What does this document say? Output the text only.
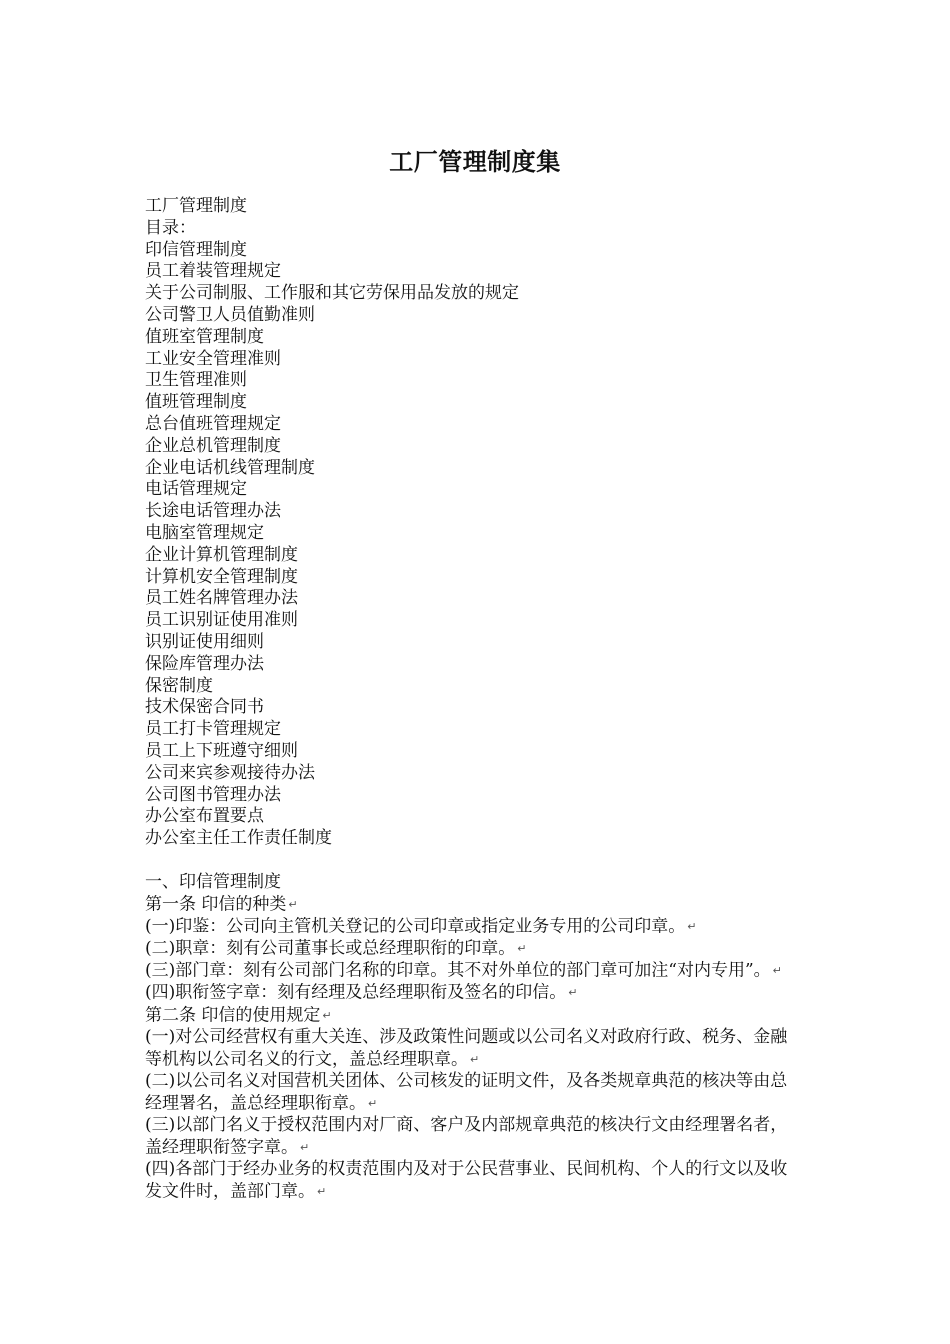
工厂管理制度集
工厂管理制度
目录：
印信管理制度
员工着装管理规定
关于公司制服、工作服和其它劳保用品发放的规定
公司警卫人员值勤准则
值班室管理制度
工业安全管理准则
卫生管理准则
值班管理制度
总台值班管理规定
企业总机管理制度
企业电话机线管理制度
电话管理规定
长途电话管理办法
电脑室管理规定
企业计算机管理制度
计算机安全管理制度
员工姓名牌管理办法
员工识别证使用准则
识别证使用细则
保险库管理办法
保密制度
技术保密合同书
员工打卡管理规定
员工上下班遵守细则
公司来宾参观接待办法
公司图书管理办法
办公室布置要点
办公室主任工作责任制度
一、印信管理制度
第一条 印信的种类 ↵
(一)印鉴：公司向主管机关登记的公司印章或指定业务专用的公司印章。 ↵
(二)职章：刻有公司董事长或总经理职衔的印章。 ↵
(三)部门章：刻有公司部门名称的印章。其不对外单位的部门章可加注“对内专用”。 ↵
(四)职衔签字章：刻有经理及总经理职衔及签名的印信。 ↵
第二条 印信的使用规定 ↵
(一)对公司经营权有重大关连、涉及政策性问题或以公司名义对政府行政、税务、金融等机构以公司名义的行文，盖总经理职章。 ↵
(二)以公司名义对国营机关团体、公司核发的证明文件，及各类规章典范的核决等由总经理署名，盖总经理职衔章。 ↵
(三)以部门名义于授权范围内对厂商、客户及内部规章典范的核决行文由经理署名者，盖经理职衔签字章。 ↵
(四)各部门于经办业务的权责范围内及对于公民营事业、民间机构、个人的行文以及收发文件时，盖部门章。 ↵
